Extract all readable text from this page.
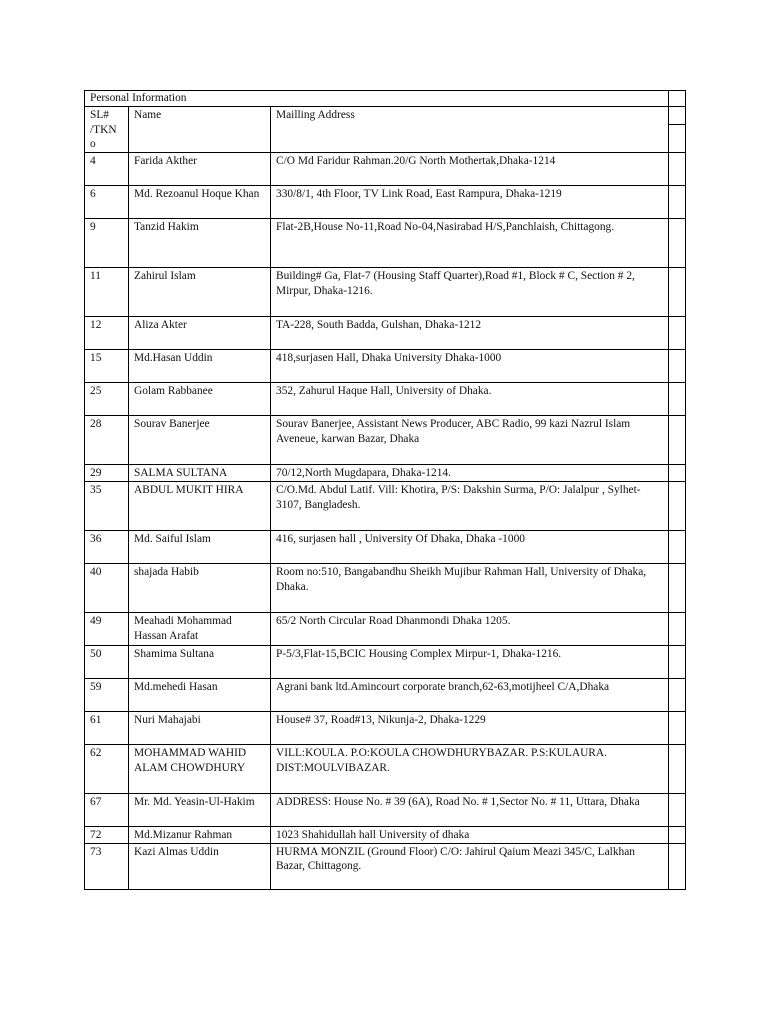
Personal Information			
SL#
/TKN
o	Name	Mailling Address	

4	Farida Akther	C/O Md Faridur Rahman.20/G North Mothertak,Dhaka-1214	
6	Md. Rezoanul Hoque Khan	330/8/1, 4th Floor, TV Link Road, East Rampura, Dhaka-1219	
9	Tanzid Hakim	Flat-2B,House No-11,Road No-04,Nasirabad H/S,Panchlaish, Chittagong.	
11	Zahirul Islam	Building# Ga, Flat-7 (Housing Staff Quarter),Road #1, Block # C, Section # 2, Mirpur, Dhaka-1216.	
12	Aliza Akter	TA-228, South Badda, Gulshan, Dhaka-1212	
15	Md.Hasan Uddin	418,surjasen Hall, Dhaka University Dhaka-1000	
25	Golam Rabbanee	352, Zahurul Haque Hall, University of Dhaka.	
28	Sourav Banerjee	Sourav Banerjee, Assistant News Producer, ABC Radio, 99 kazi Nazrul Islam Aveneue, karwan Bazar, Dhaka	
29	SALMA SULTANA	70/12,North Mugdapara, Dhaka-1214.	
35	ABDUL MUKIT HIRA	C/O.Md. Abdul Latif. Vill: Khotira, P/S: Dakshin Surma, P/O: Jalalpur , Sylhet-3107, Bangladesh.	
36	Md. Saiful Islam	416, surjasen hall , University Of Dhaka, Dhaka -1000	
40	shajada Habib	Room no:510, Bangabandhu Sheikh Mujibur Rahman Hall, University of Dhaka, Dhaka.	
49	Meahadi Mohammad Hassan Arafat	65/2 North Circular Road Dhanmondi Dhaka 1205.	
50	Shamima Sultana	P-5/3,Flat-15,BCIC Housing Complex Mirpur-1, Dhaka-1216.	
59	Md.mehedi Hasan	Agrani bank ltd.Amincourt corporate branch,62-63,motijheel C/A,Dhaka	
61	Nuri Mahajabi	House# 37, Road#13, Nikunja-2, Dhaka-1229	
62	MOHAMMAD WAHID ALAM CHOWDHURY	VILL:KOULA. P.O:KOULA CHOWDHURYBAZAR. P.S:KULAURA. DIST:MOULVIBAZAR.	
67	Mr. Md. Yeasin-Ul-Hakim	ADDRESS: House No. # 39 (6A), Road No. # 1,Sector No. # 11, Uttara, Dhaka	
72	Md.Mizanur Rahman	1023 Shahidullah hall University of dhaka	
73	Kazi Almas Uddin	HURMA MONZIL (Ground Floor) C/O: Jahirul Qaium Meazi 345/C, Lalkhan Bazar, Chittagong.	
